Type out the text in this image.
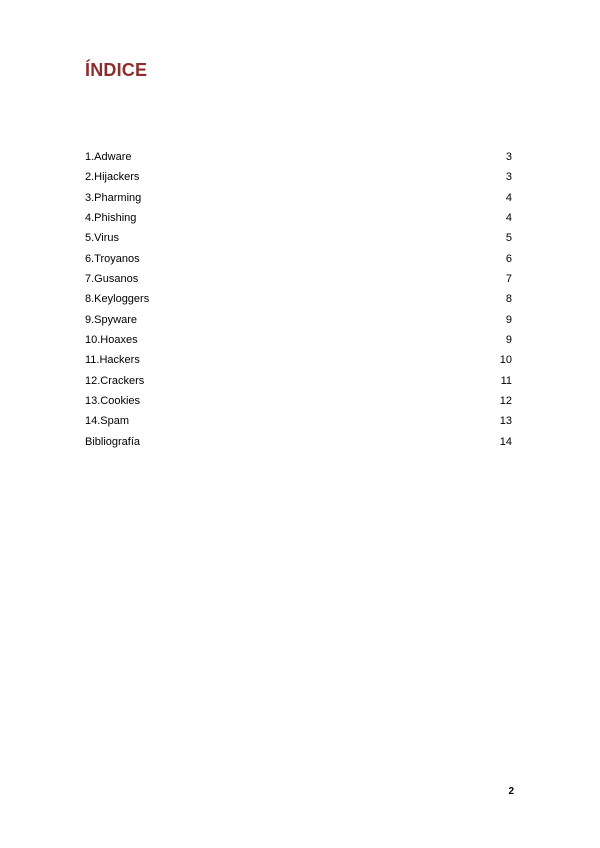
ÍNDICE
1.Adware	3
2.Hijackers	3
3.Pharming	4
4.Phishing	4
5.Virus	5
6.Troyanos	6
7.Gusanos	7
8.Keyloggers	8
9.Spyware	9
10.Hoaxes	9
11.Hackers	10
12.Crackers	11
13.Cookies	12
14.Spam	13
Bibliografía	14
2
